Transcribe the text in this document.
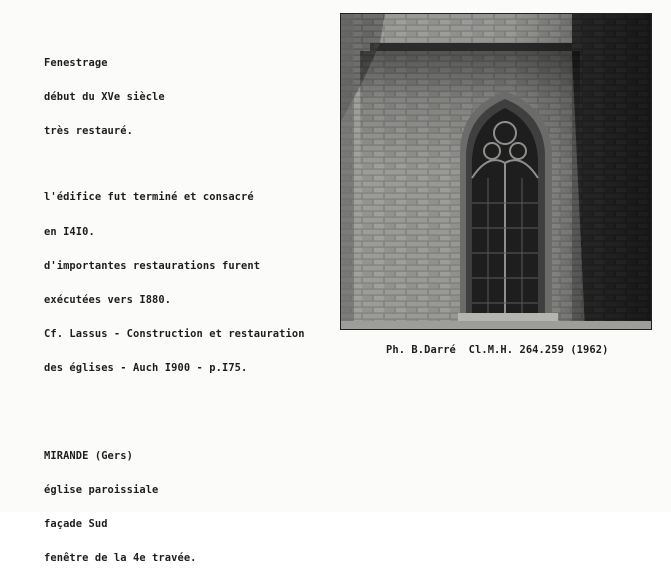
Fenestrage

début du XVe siècle

très restauré.

l'édifice fut terminé et consacré

en I4I0.

d'importantes restaurations furent

exécutées vers I880.

Cf. Lassus - Construction et restauration

des églises - Auch I900 - p.I75.

Ph. B.Darré  Cl.M.H. 264.259 (1962)

MIRANDE (Gers)

église paroissiale

façade Sud

fenêtre de la 4e travée.
